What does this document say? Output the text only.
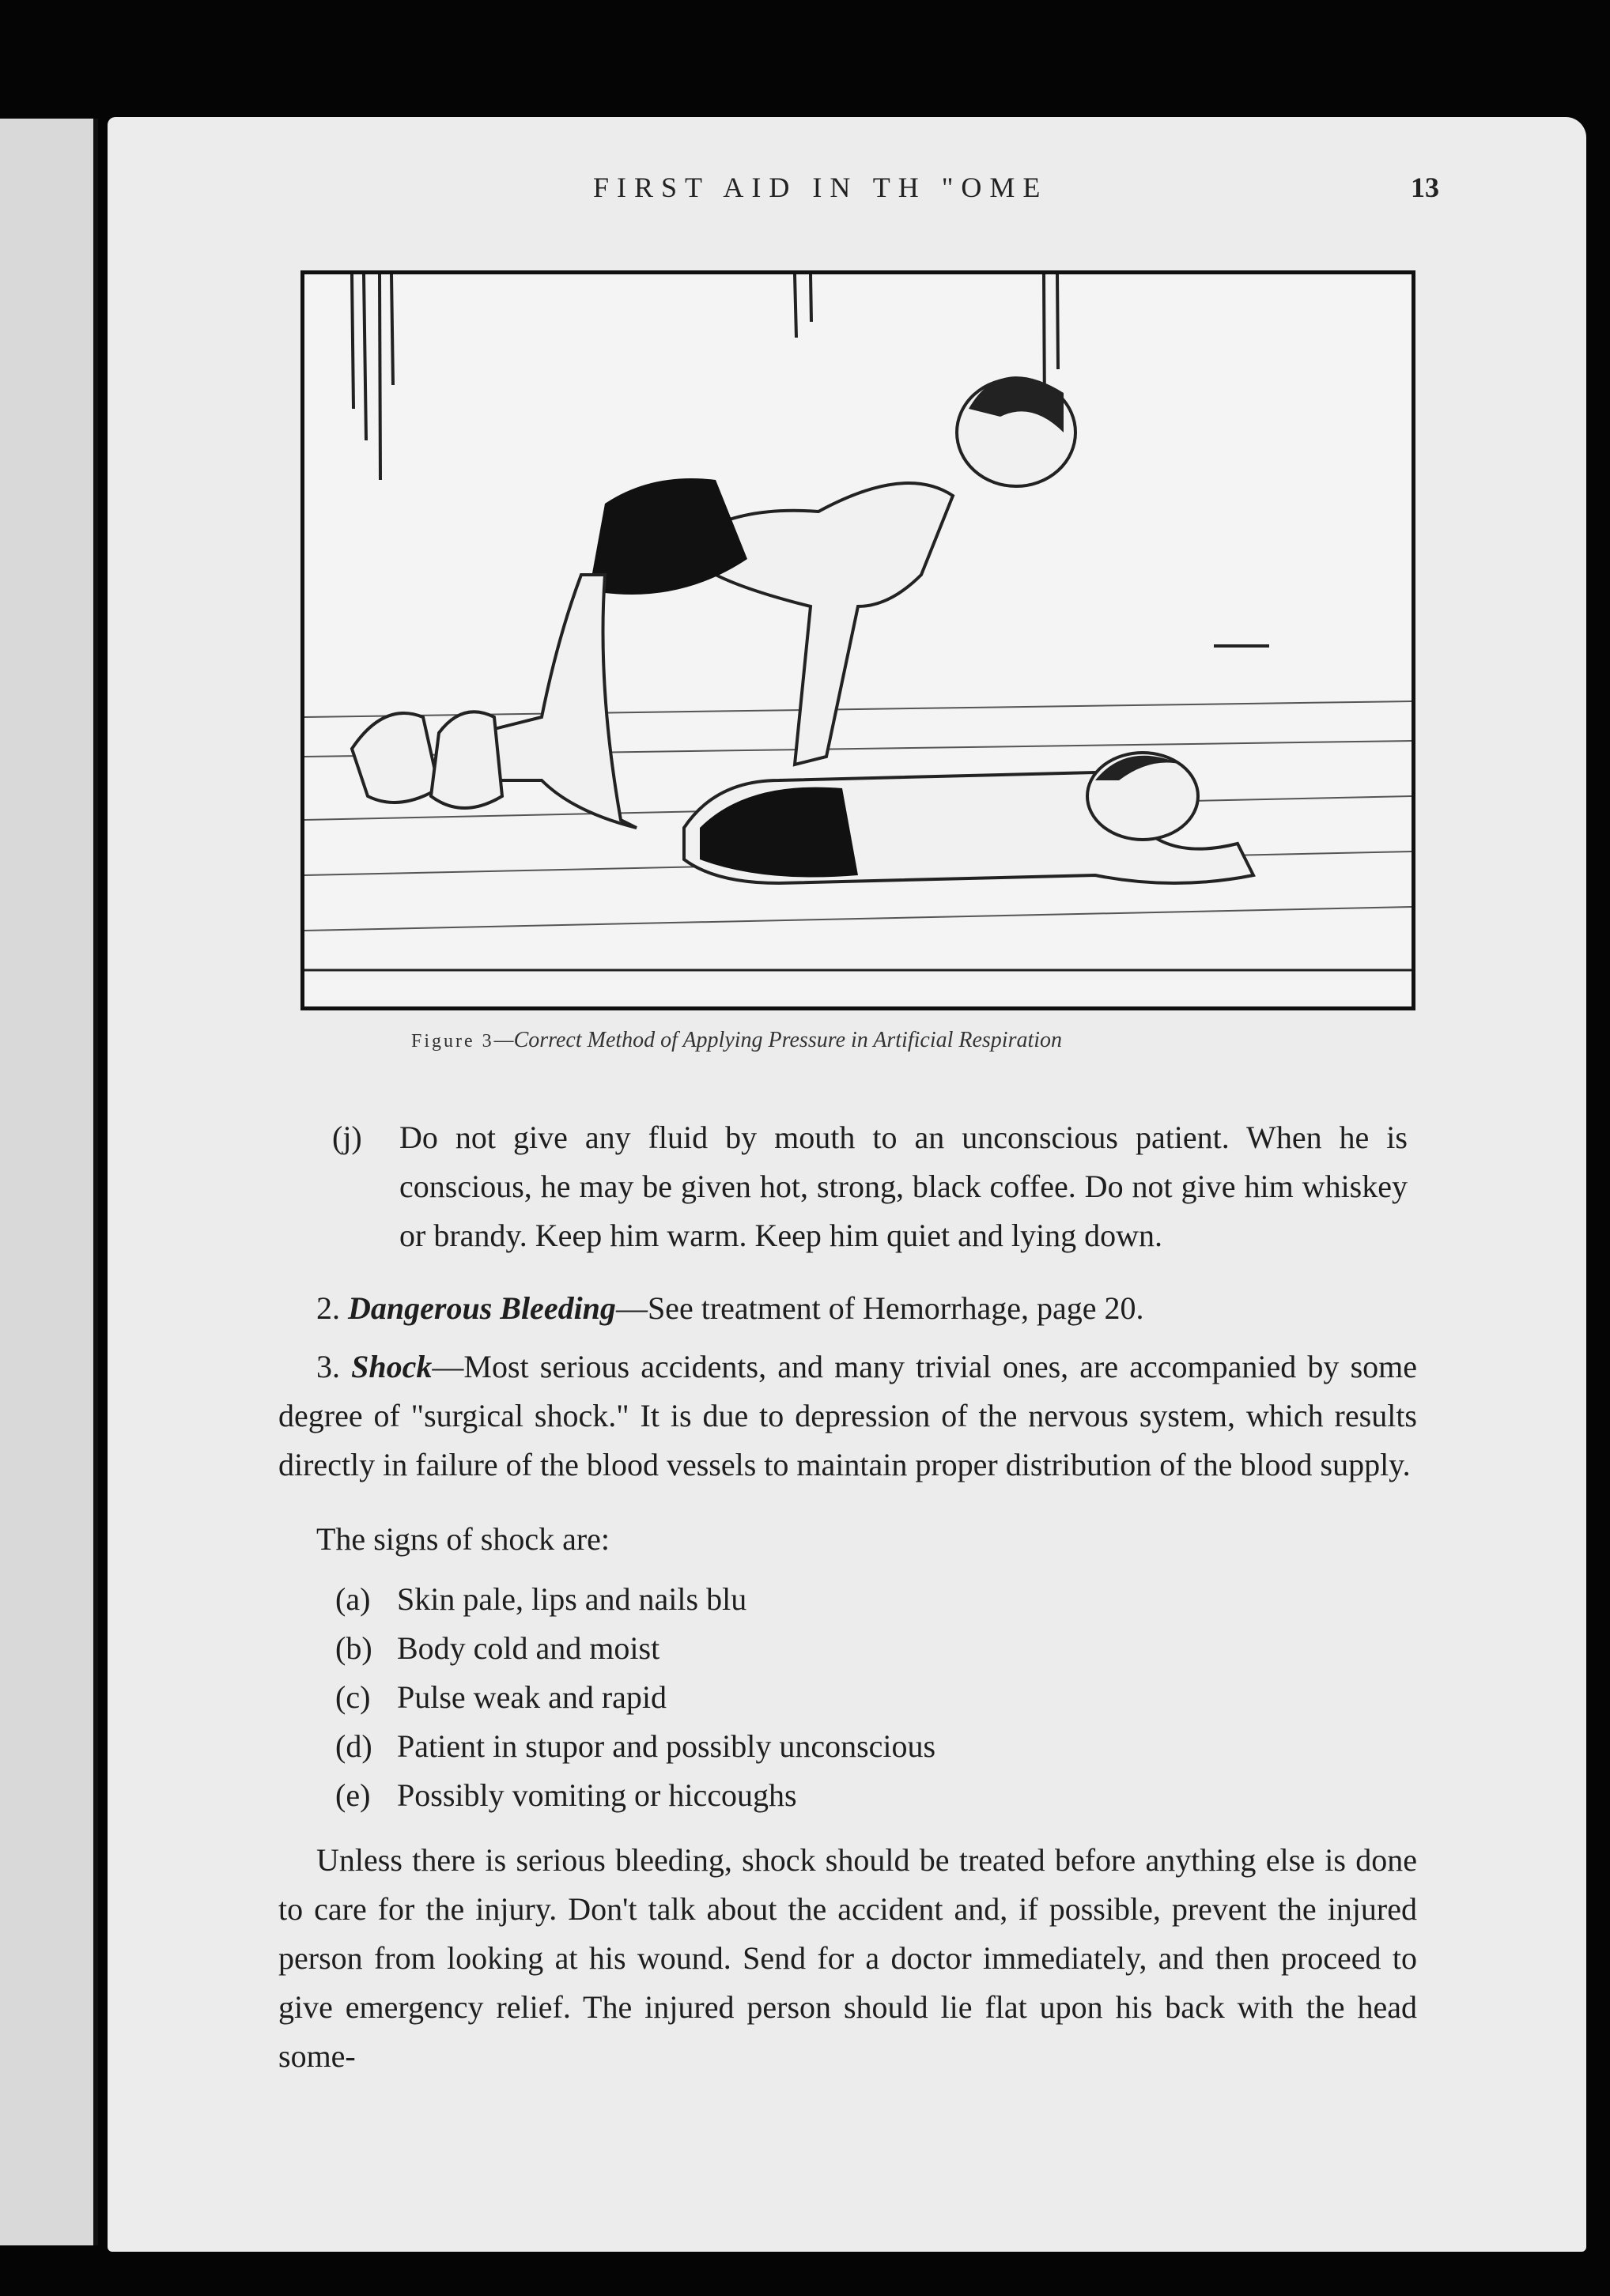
FIRST AID IN TH "OME	13
Figure 3—Correct Method of Applying Pressure in Artificial Respiration
(j) Do not give any fluid by mouth to an unconscious patient. When he is conscious, he may be given hot, strong, black coffee. Do not give him whiskey or brandy. Keep him warm. Keep him quiet and lying down.
2. Dangerous Bleeding—See treatment of Hemorrhage, page 20.
3. Shock—Most serious accidents, and many trivial ones, are accompanied by some degree of "surgical shock." It is due to depression of the nervous system, which results directly in failure of the blood vessels to maintain proper distribution of the blood supply.
The signs of shock are:
(a) Skin pale, lips and nails blu
(b) Body cold and moist
(c) Pulse weak and rapid
(d) Patient in stupor and possibly unconscious
(e) Possibly vomiting or hiccoughs
Unless there is serious bleeding, shock should be treated before anything else is done to care for the injury. Don't talk about the accident and, if possible, prevent the injured person from looking at his wound. Send for a doctor immediately, and then proceed to give emergency relief. The injured person should lie flat upon his back with the head some-
